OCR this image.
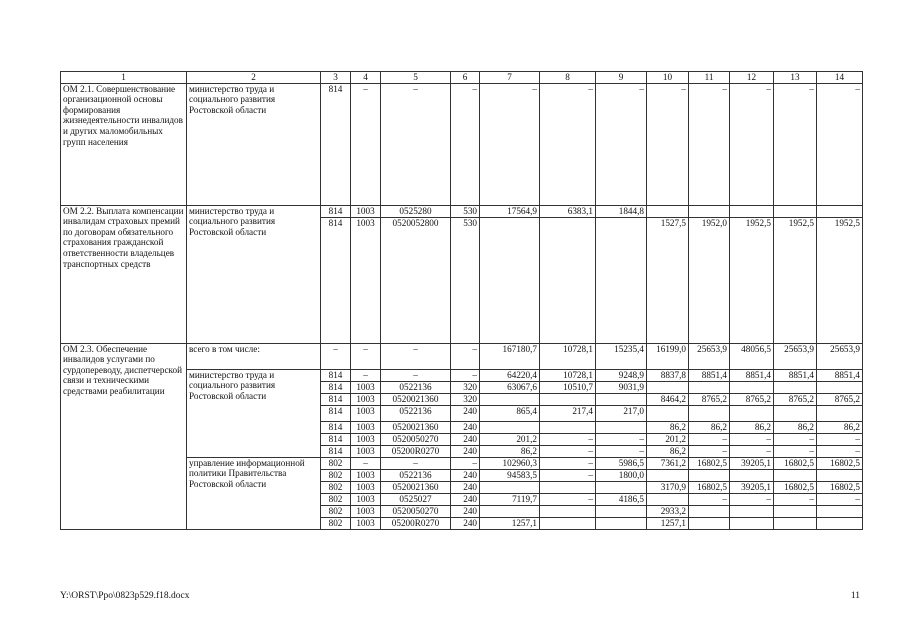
1	2	3	4	5	6	7	8	9	10	11	12	13	14
ОМ 2.1. Совершенствование организационной основы формирования жизнедеятельности инвалидов и других маломобильных групп населения	министерство труда и социального развития Ростовской области	814	–	–	–	–	–	–	–	–	–	–	–
ОМ 2.2. Выплата компенсации инвалидам страховых премий по договорам обязательного страхования гражданской ответственности владельцев транспортных средств	министерство труда и социального развития Ростовской области	814	1003	0525280	530	17564,9	6383,1	1844,8					
		814	1003	0520052800	530				1527,5	1952,0	1952,5	1952,5	1952,5
ОМ 2.3. Обеспечение инвалидов услугами по сурдопереводу, диспетчерской связи и техническими средствами реабилитации	всего в том числе:	–	–	–	–	167180,7	10728,1	15235,4	16199,0	25653,9	48056,5	25653,9	25653,9
	министерство труда и социального развития Ростовской области	814	–	–	–	64220,4	10728,1	9248,9	8837,8	8851,4	8851,4	8851,4	8851,4
		814	1003	0522136	320	63067,6	10510,7	9031,9					
		814	1003	0520021360	320				8464,2	8765,2	8765,2	8765,2	8765,2
		814	1003	0522136	240	865,4	217,4	217,0					
		814	1003	0520021360	240				86,2	86,2	86,2	86,2	86,2
		814	1003	0520050270	240	201,2	–	–	201,2	–	–	–	–
		814	1003	05200R0270	240	86,2	–	–	86,2	–	–	–	–
	управление информационной политики Правительства Ростовской области	802	–	–	–	102960,3	–	5986,5	7361,2	16802,5	39205,1	16802,5	16802,5
		802	1003	0522136	240	94583,5	–	1800,0					
		802	1003	0520021360	240				3170,9	16802,5	39205,1	16802,5	16802,5
		802	1003	0525027	240	7119,7	–	4186,5		–	–	–	–
		802	1003	0520050270	240				2933,2				
		802	1003	05200R0270	240	1257,1			1257,1				
Y:\ORST\Ppo\0823p529.f18.docx	11
